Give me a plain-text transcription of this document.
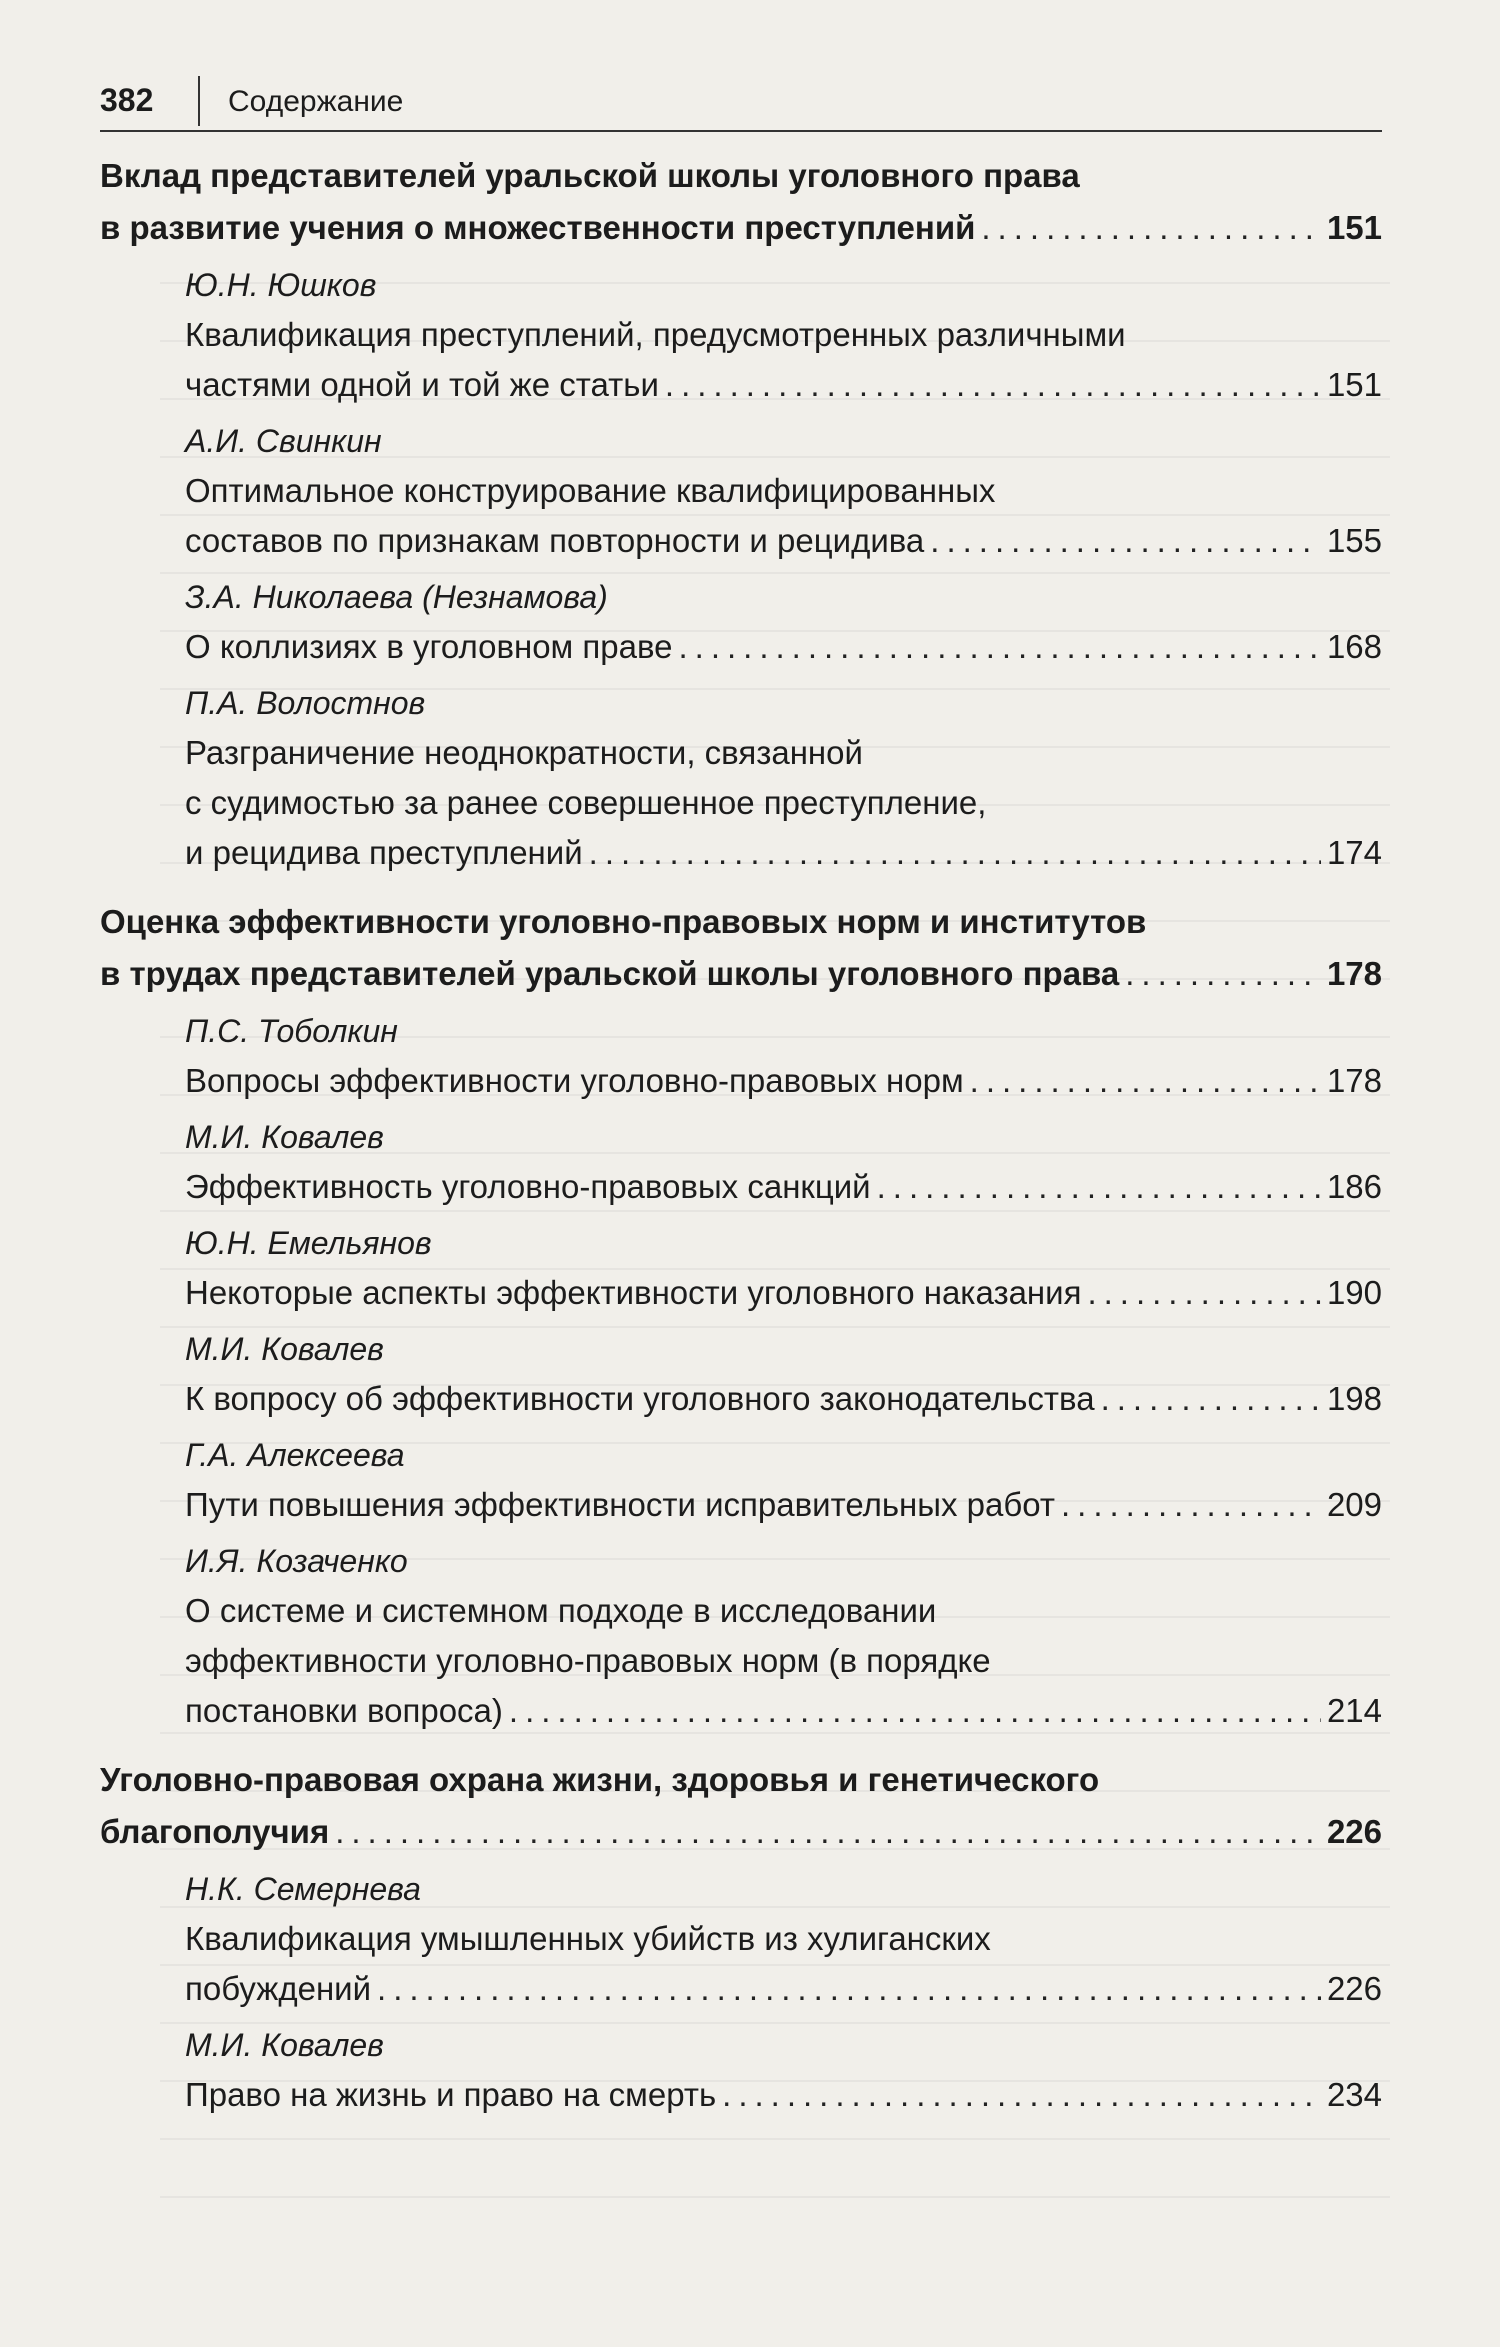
382 Содержание
Вклад представителей уральской школы уголовного права
в развитие учения о множественности преступлений .....	151
Ю.Н. Юшков
Квалификация преступлений, предусмотренных различными
частями одной и той же статьи .....	151
А.И. Свинкин
Оптимальное конструирование квалифицированных
составов по признакам повторности и рецидива .....	155
З.А. Николаева (Незнамова)
О коллизиях в уголовном праве .....	168
П.А. Волостнов
Разграничение неоднократности, связанной
с судимостью за ранее совершенное преступление,
и рецидива преступлений .....	174
Оценка эффективности уголовно-правовых норм и институтов
в трудах представителей уральской школы уголовного права .....	178
П.С. Тоболкин
Вопросы эффективности уголовно-правовых норм .....	178
М.И. Ковалев
Эффективность уголовно-правовых санкций .....	186
Ю.Н. Емельянов
Некоторые аспекты эффективности уголовного наказания .....	190
М.И. Ковалев
К вопросу об эффективности уголовного законодательства .....	198
Г.А. Алексеева
Пути повышения эффективности исправительных работ .....	209
И.Я. Козаченко
О системе и системном подходе в исследовании
эффективности уголовно-правовых норм (в порядке
постановки вопроса) .....	214
Уголовно-правовая охрана жизни, здоровья и генетического
благополучия .....	226
Н.К. Семернева
Квалификация умышленных убийств из хулиганских
побуждений .....	226
М.И. Ковалев
Право на жизнь и право на смерть .....	234
